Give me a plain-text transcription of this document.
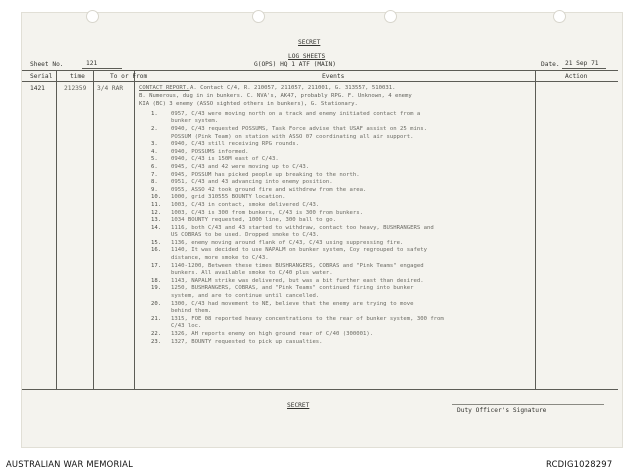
SECRET
LOG SHEETS
G(OPS) HQ 1 ATF (MAIN)
Sheet No.	121	Date. 21 Sep 71
Serial	time	To or From	Events	Action
1421	212359 3/4 RAR	CONTACT REPORT. A. Contact C/4, R. 210057, 211057, 211001, G. 313557, 510031.
B. Numerous, dug in in bunkers. C. NVA's, AK47, probably RPG. F. Unknown, 4 enemy
KIA (BC) 3 enemy (ASSO sighted others in bunkers), G. Stationary.
1.	0957, C/43 were moving north on a track and enemy initiated contact from a
bunker system.
2.	0940, C/43 requested POSSUMS, Task Force advise that USAF assist on 25 mins.
POSSUM (Pink Team) on station with ASSO 07 coordinating all air support.
3.	0940, C/43 still receiving RPG rounds.
4.	0940, POSSUMS informed.
5.	0940, C/43 is 150M east of C/43.
6.	0945, C/43 and 42 were moving up to C/43.
7.	0945, POSSUM has picked people up breaking to the north.
8.	0951, C/43 and 43 advancing into enemy position.
9.	0955, ASSO 42 took ground fire and withdrew from the area.
10.	1000, grid 310555 BOUNTY location.
11.	1003, C/43 in contact, smoke delivered C/43.
12.	1003, C/43 is 300 from bunkers, C/43 is 300 from bunkers.
13.	1034 BOUNTY requested, 1000 line, 300 ball to go.
14.	1116, both C/43 and 43 started to withdraw, contact too heavy, BUSHRANGERS and
US COBRAS to be used. Dropped smoke to C/43.
15.	1136, enemy moving around flank of C/43, C/43 using suppressing fire.
16.	1140, It was decided to use NAPALM on bunker system, Coy regrouped to safety
distance, more smoke to C/43.
17.	1140-1200, Between these times BUSHRANGERS, COBRAS and "Pink Teams" engaged
bunkers. All available smoke to C/40 plus water.
18.	1143, NAPALM strike was delivered, but was a bit further east than desired.
19.	1250, BUSHRANGERS, COBRAS, and "Pink Teams" continued firing into bunker
system, and are to continue until cancelled.
20.	1300, C/43 had movement to NE, believe that the enemy are trying to move
behind them.
21.	1315, FOE 08 reported heavy concentrations to the rear of bunker system, 300 from
C/43 loc.
22.	1326, AH reports enemy on high ground rear of C/40 (300001).
23.	1327, BOUNTY requested to pick up casualties.
SECRET
Duty Officer's Signature
AUSTRALIAN WAR MEMORIAL	RCDIG1028297
